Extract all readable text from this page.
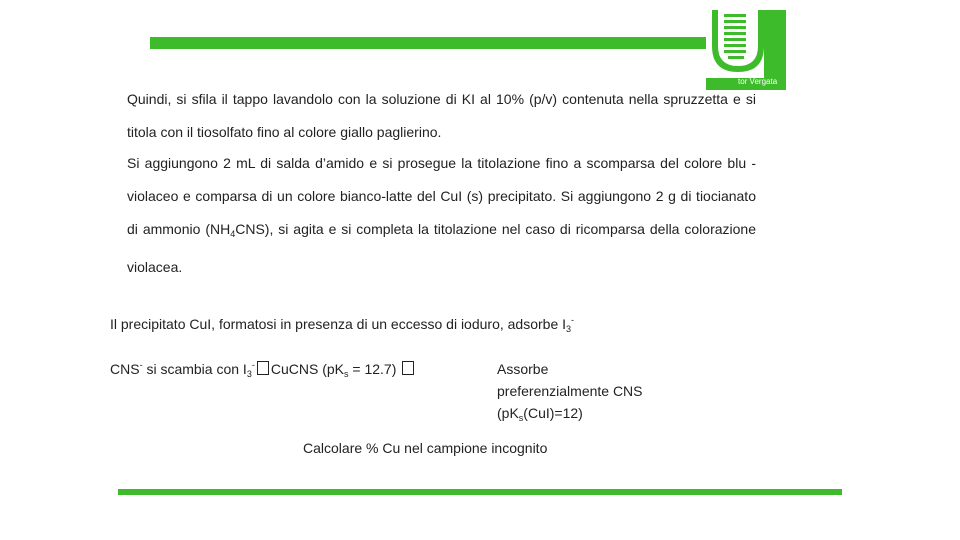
tor Vergata
Quindi, si sfila il tappo lavandolo con la soluzione di KI al 10% (p/v) contenuta nella spruzzetta e si titola con il tiosolfato fino al colore giallo paglierino.
Si aggiungono 2 mL di salda d’amido e si prosegue la titolazione fino a scomparsa del colore blu - violaceo e comparsa di un colore bianco-latte del CuI (s) precipitato. Si aggiungono 2 g di tiocianato di ammonio $(NH_4CNS)$, si agita e si completa la titolazione nel caso di ricomparsa della colorazione violacea.
Il precipitato CuI, formatosi in presenza di un eccesso di ioduro, adsorbe $I_3^-$
CNS- si scambia con $I_3^-$ CuCNS $(pK_s = 12.7)$	Assorbe
preferenzialmente CNS
$(pK_s(CuI)=12)$
Calcolare % Cu nel campione incognito
